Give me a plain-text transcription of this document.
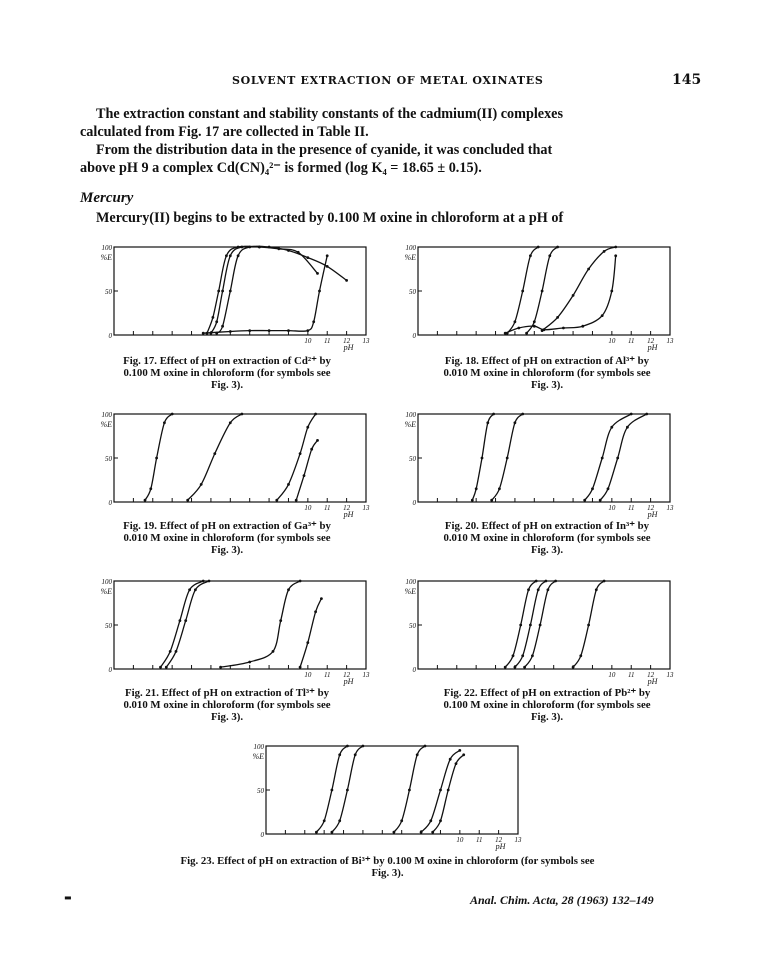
SOLVENT EXTRACTION OF METAL OXINATES	145
The extraction constant and stability constants of the cadmium(II) complexes
calculated from Fig. 17 are collected in Table II.
From the distribution data in the presence of cyanide, it was concluded that
above pH 9 a complex Cd(CN)₄²⁻ is formed (log K₄ = 18.65 ± 0.15).
Mercury
Mercury(II) begins to be extracted by 0.100 M oxine in chloroform at a pH of
100
50
0
%E
10 11 12 13
pH
100
50
0
%E
10 11 12 13
pH
100
50
0
%E
10 11 12 13
pH
100
50
0
%E
10 11 12 13
pH
100
50
0
%E
10 11 12 13
pH
100
50
0
%E
10 11 12 13
pH
100
50
0
%E
10 11 12 13
pH
Fig. 17. Effect of pH on extraction of Cd²⁺ by
0.100 M oxine in chloroform (for symbols see
Fig. 3).
Fig. 18. Effect of pH on extraction of Al³⁺ by
0.010 M oxine in chloroform (for symbols see
Fig. 3).
Fig. 19. Effect of pH on extraction of Ga³⁺ by
0.010 M oxine in chloroform (for symbols see
Fig. 3).
Fig. 20. Effect of pH on extraction of In³⁺ by
0.010 M oxine in chloroform (for symbols see
Fig. 3).
Fig. 21. Effect of pH on extraction of Tl³⁺ by
0.010 M oxine in chloroform (for symbols see
Fig. 3).
Fig. 22. Effect of pH on extraction of Pb²⁺ by
0.100 M oxine in chloroform (for symbols see
Fig. 3).
Fig. 23. Effect of pH on extraction of Bi³⁺ by 0.100 M oxine in chloroform (for symbols see
Fig. 3).
▬	Anal. Chim. Acta, 28 (1963) 132–149
